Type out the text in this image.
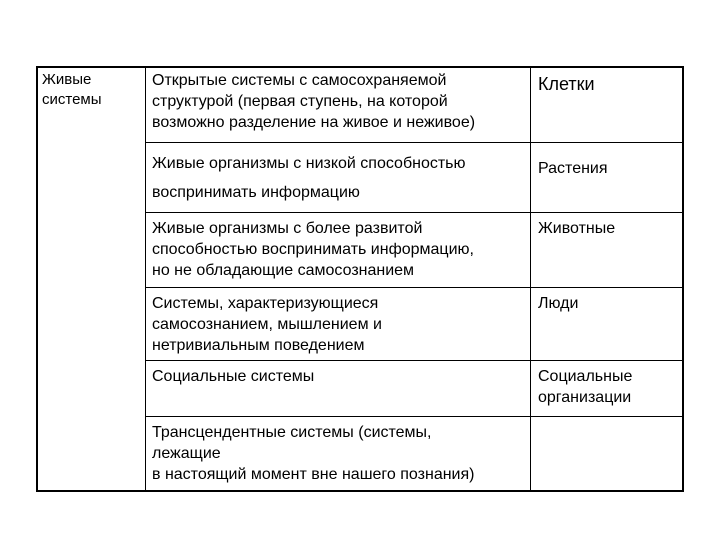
Живые
системы
Открытые системы с самосохраняемой
структурой (первая ступень, на которой
возможно разделение на живое и неживое)
Клетки
Живые организмы с низкой способностью
воспринимать информацию
Растения
Живые организмы с более развитой
способностью воспринимать информацию,
но не обладающие самосознанием
Животные
Системы, характеризующиеся
самосознанием, мышлением и
нетривиальным поведением
Люди
Социальные системы	Социальные
организации
Трансцендентные системы (системы,
лежащие
в настоящий момент вне нашего познания)
